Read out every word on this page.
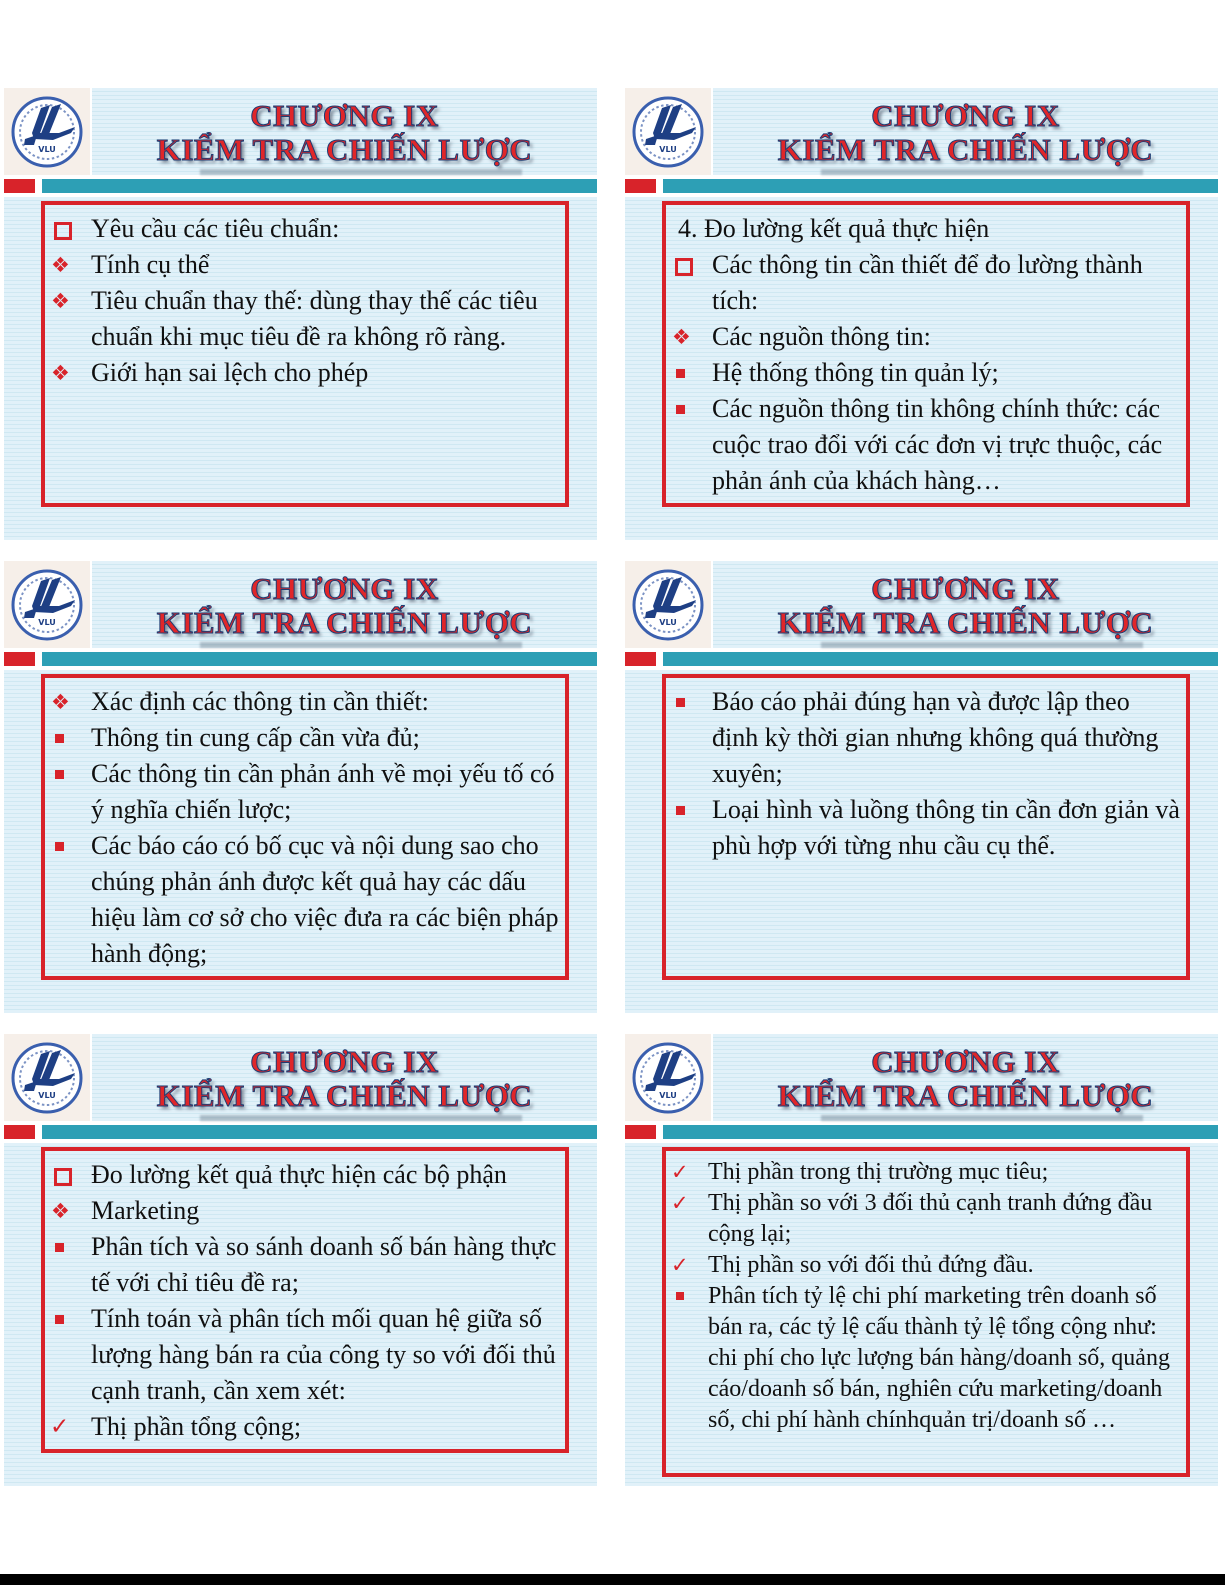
VLU
CHƯƠNG IX
KIỂM TRA CHIẾN LƯỢC
Yêu cầu các tiêu chuẩn:
❖
Tính cụ thể
❖
Tiêu chuẩn thay thế: dùng thay thế các tiêu chuẩn khi mục tiêu đề ra không rõ ràng.
❖
Giới hạn sai lệch cho phép
VLU
CHƯƠNG IX
KIỂM TRA CHIẾN LƯỢC
4. Đo lường kết quả thực hiện
Các thông tin cần thiết để đo lường thành tích:
❖
Các nguồn thông tin:
Hệ thống thông tin quản lý;
Các nguồn thông tin không chính thức: các cuộc trao đổi với các đơn vị trực thuộc, các phản ánh của khách hàng…
VLU
CHƯƠNG IX
KIỂM TRA CHIẾN LƯỢC
❖
Xác định các thông tin cần thiết:
Thông tin cung cấp cần vừa đủ;
Các thông tin cần phản ánh về mọi yếu tố có ý nghĩa chiến lược;
Các báo cáo có bố cục và nội dung sao cho chúng phản ánh được kết quả hay các dấu hiệu làm cơ sở cho việc đưa ra các biện pháp hành động;
VLU
CHƯƠNG IX
KIỂM TRA CHIẾN LƯỢC
Báo cáo phải đúng hạn và được lập theo định kỳ thời gian nhưng không quá thường xuyên;
Loại hình và luồng thông tin cần đơn giản và phù hợp với từng nhu cầu cụ thể.
VLU
CHƯƠNG IX
KIỂM TRA CHIẾN LƯỢC
Đo lường kết quả thực hiện các bộ phận
❖
Marketing
Phân tích và so sánh doanh số bán hàng thực tế với chỉ tiêu đề ra;
Tính toán và phân tích mối quan hệ giữa số lượng hàng bán ra của công ty so với đối thủ cạnh tranh, cần xem xét:
✓
Thị phần tổng cộng;
VLU
CHƯƠNG IX
KIỂM TRA CHIẾN LƯỢC
✓
Thị phần trong thị trường mục tiêu;
✓
Thị phần so với 3 đối thủ cạnh tranh đứng đầu cộng lại;
✓
Thị phần so với đối thủ đứng đầu.
Phân tích tỷ lệ chi phí marketing trên doanh số bán ra, các tỷ lệ cấu thành tỷ lệ tổng cộng như: chi phí cho lực lượng bán hàng/doanh số, quảng cáo/doanh số bán, nghiên cứu marketing/doanh số, chi phí hành chínhquản trị/doanh số …
